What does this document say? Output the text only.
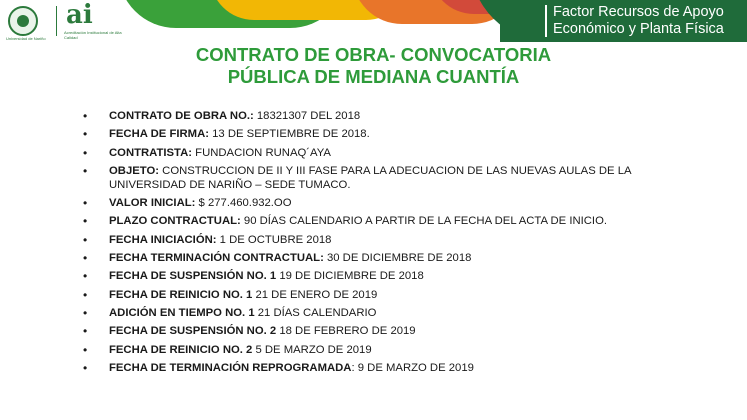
Universidad de Nariño
ai
Acreditación Institucional de Alta Calidad
Factor Recursos de Apoyo
Económico y Planta Física
CONTRATO DE OBRA- CONVOCATORIA
PÚBLICA DE MEDIANA CUANTÍA
• CONTRATO DE OBRA NO.: 18321307 DEL 2018
• FECHA DE FIRMA: 13 DE SEPTIEMBRE DE 2018.
• CONTRATISTA: FUNDACION RUNAQ´AYA
• OBJETO: CONSTRUCCION DE II Y III FASE PARA LA ADECUACION DE LAS NUEVAS AULAS DE LA UNIVERSIDAD DE NARIÑO – SEDE TUMACO.
• VALOR INICIAL: $ 277.460.932.OO
• PLAZO CONTRACTUAL: 90 DÍAS CALENDARIO A PARTIR DE LA FECHA DEL ACTA DE INICIO.
• FECHA INICIACIÓN: 1 DE OCTUBRE 2018
• FECHA TERMINACIÓN CONTRACTUAL: 30 DE DICIEMBRE DE 2018
• FECHA DE SUSPENSIÓN NO. 1 19 DE DICIEMBRE DE 2018
• FECHA DE REINICIO NO. 1 21 DE ENERO DE 2019
• ADICIÓN EN TIEMPO NO. 1 21 DÍAS CALENDARIO
• FECHA DE SUSPENSIÓN NO. 2 18 DE FEBRERO DE 2019
• FECHA DE REINICIO NO. 2 5 DE MARZO DE 2019
• FECHA DE TERMINACIÓN REPROGRAMADA: 9 DE MARZO DE 2019
